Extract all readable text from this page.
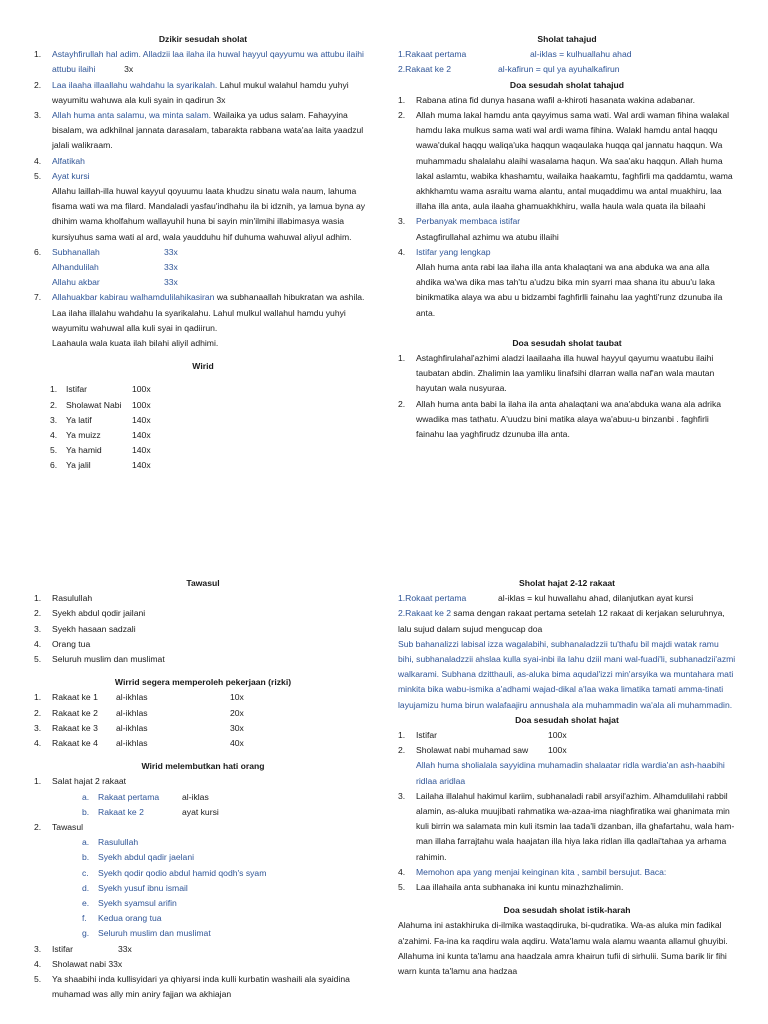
Dzikir sesudah sholat
1. Astayhfirullah hal adim. Alladzii laa ilaha ila huwal hayyul qayyumu wa attubu ilaihi
attubu ilaihi	3x
2. Laa ilaaha illaallahu wahdahu la syarikalah. Lahul mukul walahul hamdu yuhyi wayumitu wahuwa ala kuli syain in qadirun 3x
3. Allah huma anta salamu, wa minta salam. Wailaika ya udus salam. Fahayyina bisalam, wa adkhilnal jannata darasalam, tabarakta rabbana wata'aa laita yaadzul jalali walikraam.
4. Alfatikah
5. Ayat kursi
Allahu laillah-illa huwal kayyul qoyuumu laata khudzu sinatu wala naum, lahuma fisama wati wa ma filard. Mandaladi yasfau'indhahu ila bi idznih, ya lamua byna ay dhihim wama kholfahum wallayuhil huna bi sayin min'ilmihi illabimasya wasia kursiyuhus sama wati al ard, wala yaudduhu hif duhuma wahuwal aliyul adhim.
6. Subhanallah	33x
Alhandulilah	33x
Allahu akbar	33x
7. Allahuakbar kabirau walhamdulilahikasiran wa subhanaallah hibukratan wa ashila. Laa ilaha illalahu wahdahu la syarikalahu. Lahul mulkul wallahul hamdu yuhyi wayumitu wahuwal alla kuli syai in qadiirun.
Laahaula wala kuata ilah bilahi aliyil adhimi.
Wirid
1.	Istifar	100x
2.	Sholawat Nabi	100x
3.	Ya latif	140x
4.	Ya muizz	140x
5.	Ya hamid	140x
6.	Ya jalil	140x
Sholat tahajud
1.Rakaat pertama	al-iklas = kulhuallahu ahad
2.Rakaat ke 2	al-kafirun = qul ya ayuhalkafirun
Doa sesudah sholat tahajud
1. Rabana atina fid dunya hasana wafil a-khiroti hasanata wakina adabanar.
2. Allah muma lakal hamdu anta qayyimus sama wati. Wal ardi waman fihina walakal hamdu laka mulkus sama wati wal ardi wama fihina. Walakl hamdu antal haqqu wawa'dukal haqqu waliqa'uka haqqun waqaulaka huqqa qal jannatu haqqun. Wa muhammadu shalalahu alaihi wasalama haqun. Wa saa'aku haqqun. Allah huma lakal aslamtu, wabika khashamtu, wailaika haakamtu, faghfirli ma qaddamtu, wama akhkhamtu wama asraitu wama alantu, antal muqaddimu wa antal muakhiru, laa illaha illa anta, aula ilaaha ghamuakhkhiru, walla haula wala quata ila bilaahi
3. Perbanyak membaca istifar
Astagfirullahal azhimu wa atubu illaihi
4. Istifar yang lengkap
Allah huma anta rabi laa ilaha illa anta khalaqtani wa ana abduka wa ana alla ahdika wa'wa dika mas tah'tu a'udzu bika min syarri maa shana itu abuu'u laka binikmatika alaya wa abu u bidzambi faghfirlli fainahu laa yaghti'runz dzunuba ila anta.
Doa sesudah sholat taubat
1. Astaghfirulahal'azhimi aladzi laailaaha illa huwal hayyul qayumu waatubu ilaihi taubatan abdin. Zhalimin laa yamliku linafsihi dlarran walla naf'an wala mautan hayutan wala nusyuraa.
2. Allah huma anta babi la ilaha ila anta ahalaqtani wa ana'abduka wana ala adrika wwadika mas tathatu. A'uudzu bini matika alaya wa'abuu-u binzanbi . faghfirli fainahu laa yaghfirudz dzunuba illa anta.
Tawasul
1. Rasulullah
2. Syekh abdul qodir jailani
3. Syekh hasaan sadzali
4. Orang tua
5. Seluruh muslim dan muslimat
Wirrid segera memperoleh pekerjaan (rizki)
1.	Rakaat ke 1	al-ikhlas	10x
2.	Rakaat ke 2	al-ikhlas	20x
3.	Rakaat ke 3	al-ikhlas	30x
4.	Rakaat ke 4	al-ikhlas	40x
Wirid melembutkan hati orang
1. Salat hajat 2 rakaat
a. Rakaat pertama	al-iklas
b. Rakaat ke 2	ayat kursi
2. Tawasul
a. Rasulullah
b. Syekh abdul qadir jaelani
c. Syekh qodir qodio abdul hamid qodh's syam
d. Syekh yusuf ibnu ismail
e. Syekh syamsul arifin
f. Kedua orang tua
g. Seluruh muslim dan muslimat
3. Istifar	33x
4. Sholawat nabi 33x
5. Ya shaabihi inda kullisyidari ya qhiyarsi inda kulli kurbatin washaili ala syaidina muhamad was ally min aniry fajjan wa akhiajan
Sholat hajat 2-12 rakaat
1.Rokaat pertama	al-iklas = kul huwallahu ahad, dilanjutkan ayat kursi
2.Rakaat ke 2 sama dengan rakaat pertama setelah 12 rakaat di kerjakan seluruhnya, lalu sujud dalam sujud mengucap doa
Sub bahanalizzi labisal izza wagalabihi, subhanaladzzii tu'thafu bil majdi watak ramu bihi, subhanaladzzii ahslaa kulla syai-inbi ila lahu dziil mani wal-fuadi'li, subhanadzii'azmi walkarami. Subhana dzitthauli, as-aluka bima aqudal'izzi min'arsyika wa muntahara mati minkita bika wabu-ismika a'adhami wajad-dikal a'laa waka limatika tamati amma-tinati layujamizu huma birun walafaajiru annushala ala muhammadin wa'ala ali muhammadin.
Doa sesudah sholat hajat
1. Istifar	100x
2. Sholawat nabi muhamad saw	100x
Allah huma sholialala sayyidina muhamadin shalaatar ridla wardia'an ash-haabihi ridlaa aridlaa
3. Lailaha illalahul hakimul kariim, subhanaladi rabil arsyil'azhim. Alhamdulilahi rabbil alamin, as-aluka muujibati rahmatika wa-azaa-ima niaghfiratika wai ghanimata min kuli birrin wa salamata min kuli itsmin laa tada'li dzanban, illa ghafartahu, wala ham-man illaha farrajtahu wala haajatan illa hiya laka ridlan illa qadlai'tahaa ya arhama rahimin.
4. Memohon apa yang menjai keinginan kita , sambil bersujut. Baca:
5. Laa illahaila anta subhanaka ini kuntu minazhzhalimin.
Doa sesudah sholat istik-harah
Alahuma ini astakhiruka di-ilmika wastaqdiruka, bi-qudratika. Wa-as aluka min fadikal a'zahimi. Fa-ina ka raqdiru wala aqdiru. Wata'lamu wala alamu waanta allamul ghuyibi. Allahuma ini kunta ta'lamu ana haadzala amra khairun tufii di sirhulii. Suma barik lir fihi warn kunta ta'lamu ana hadzaa
